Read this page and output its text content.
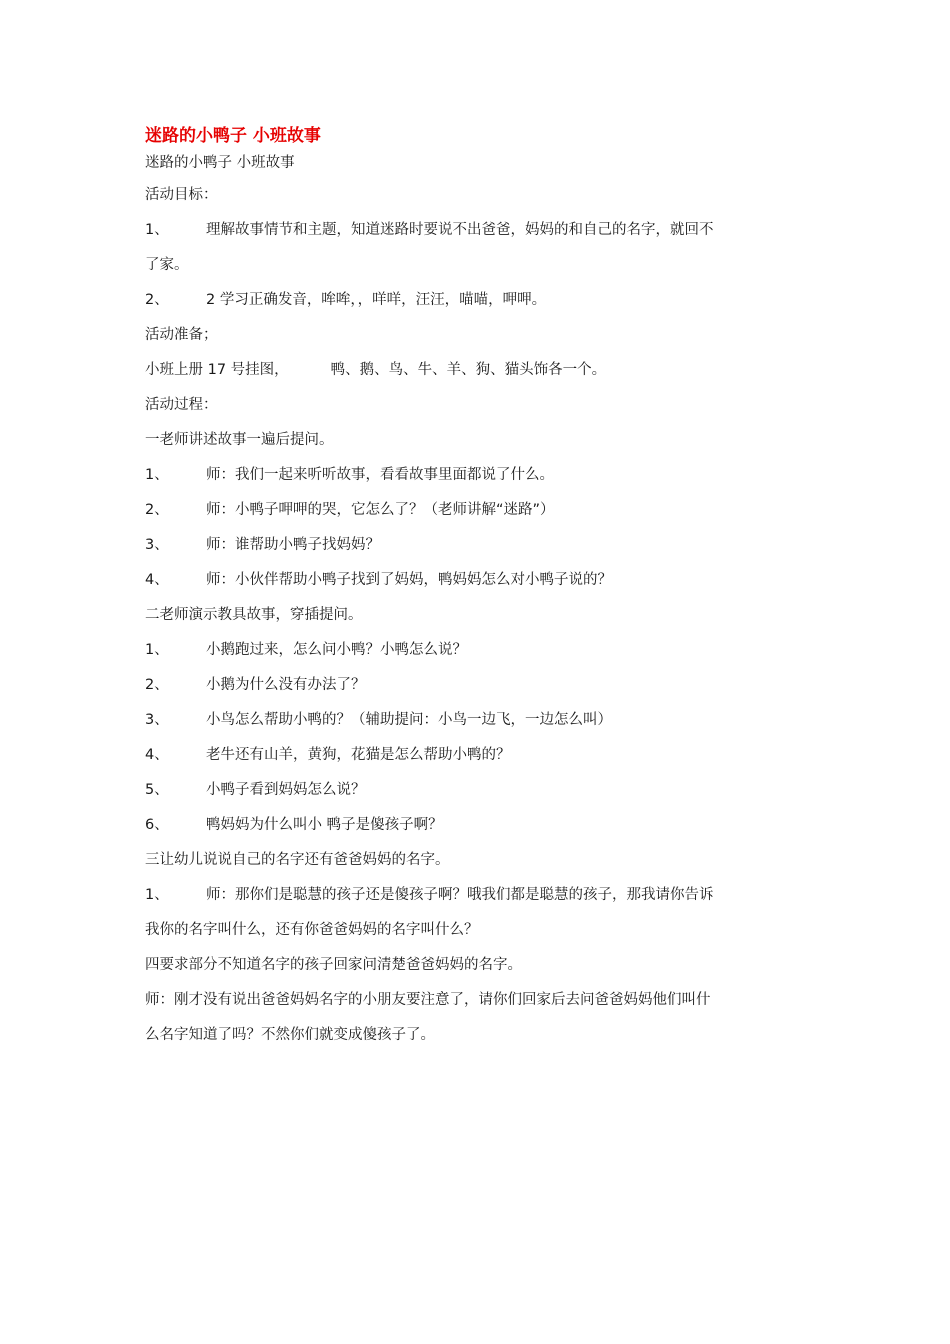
迷路的小鸭子 小班故事
迷路的小鸭子 小班故事
活动目标：
1、	理解故事情节和主题，知道迷路时要说不出爸爸，妈妈的和自己的名字，就回不
了家。
2、	2 学习正确发音，哞哞，，咩咩，汪汪，喵喵，呷呷。
活动准备；
小班上册 17 号挂图，	鸭、鹅、鸟、牛、羊、狗、猫头饰各一个。
活动过程：
一老师讲述故事一遍后提问。
1、	师：我们一起来听听故事，看看故事里面都说了什么。
2、	师：小鸭子呷呷的哭，它怎么了？（老师讲解“迷路”）
3、	师：谁帮助小鸭子找妈妈？
4、	师：小伙伴帮助小鸭子找到了妈妈，鸭妈妈怎么对小鸭子说的？
二老师演示教具故事，穿插提问。
1、	小鹅跑过来，怎么问小鸭？小鸭怎么说？
2、	小鹅为什么没有办法了？
3、	小鸟怎么帮助小鸭的？（辅助提问：小鸟一边飞，一边怎么叫）
4、	老牛还有山羊，黄狗，花猫是怎么帮助小鸭的？
5、	小鸭子看到妈妈怎么说？
6、	鸭妈妈为什么叫小 鸭子是傻孩子啊？
三让幼儿说说自己的名字还有爸爸妈妈的名字。
1、	师：那你们是聪慧的孩子还是傻孩子啊？哦我们都是聪慧的孩子，那我请你告诉
我你的名字叫什么，还有你爸爸妈妈的名字叫什么？
四要求部分不知道名字的孩子回家问清楚爸爸妈妈的名字。
师：刚才没有说出爸爸妈妈名字的小朋友要注意了，请你们回家后去问爸爸妈妈他们叫什
么名字知道了吗？不然你们就变成傻孩子了。
